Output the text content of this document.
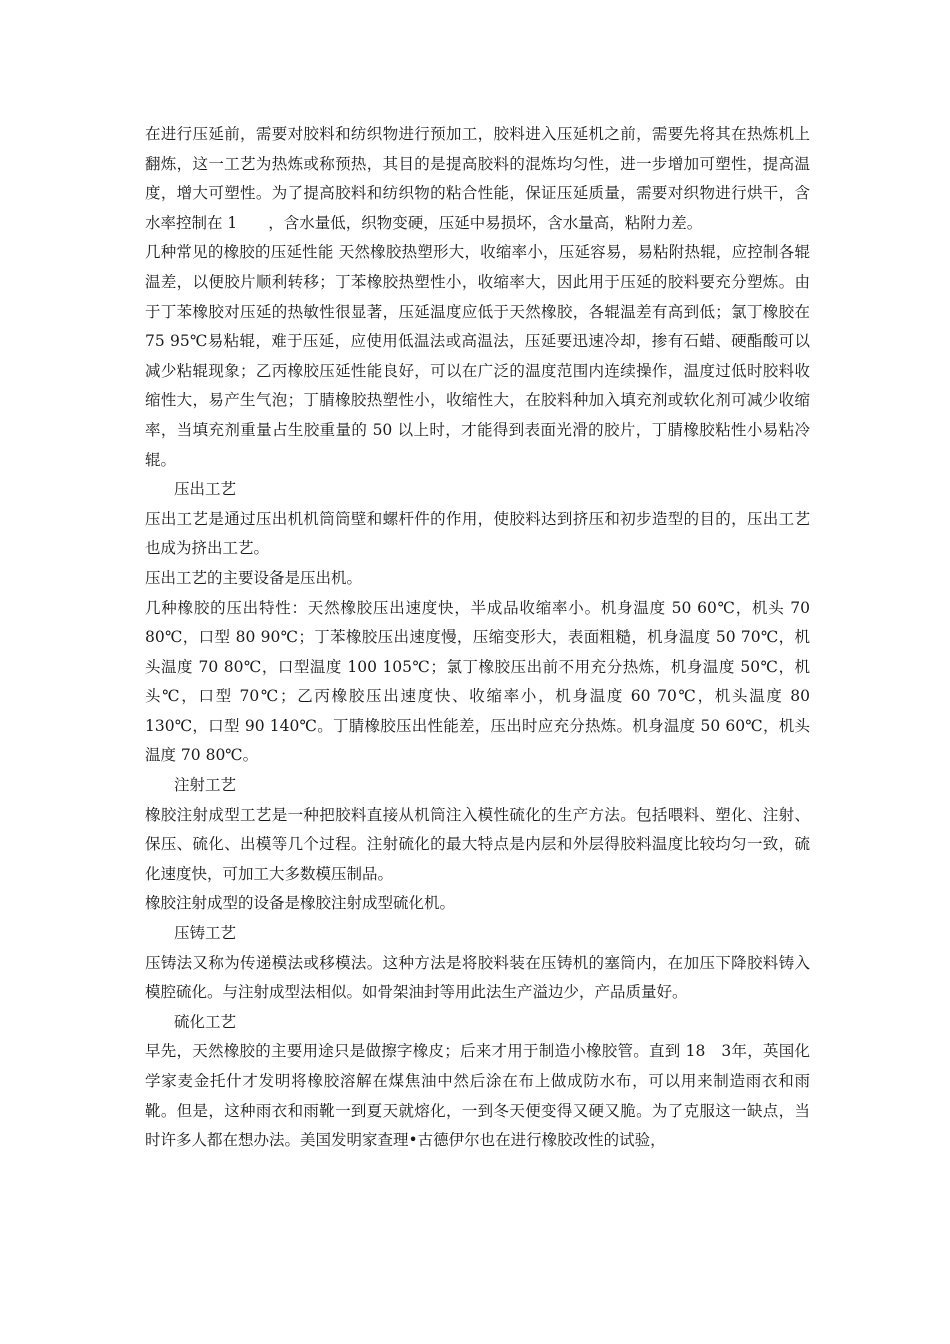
在进行压延前，需要对胶料和纺织物进行预加工，胶料进入压延机之前，需要先将其在热炼机上翻炼，这一工艺为热炼或称预热，其目的是提高胶料的混炼均匀性，进一步增加可塑性，提高温度，增大可塑性。为了提高胶料和纺织物的粘合性能，保证压延质量，需要对织物进行烘干，含水率控制在 1　　，含水量低，织物变硬，压延中易损坏，含水量高，粘附力差。

几种常见的橡胶的压延性能 天然橡胶热塑形大，收缩率小，压延容易，易粘附热辊，应控制各辊温差，以便胶片顺利转移；丁苯橡胶热塑性小，收缩率大，因此用于压延的胶料要充分塑炼。由于丁苯橡胶对压延的热敏性很显著，压延温度应低于天然橡胶，各辊温差有高到低；氯丁橡胶在 75 95℃易粘辊，难于压延，应使用低温法或高温法，压延要迅速冷却，掺有石蜡、硬酯酸可以减少粘辊现象；乙丙橡胶压延性能良好，可以在广泛的温度范围内连续操作，温度过低时胶料收缩性大，易产生气泡；丁腈橡胶热塑性小，收缩性大，在胶料种加入填充剂或软化剂可减少收缩率，当填充剂重量占生胶重量的 50 以上时，才能得到表面光滑的胶片，丁腈橡胶粘性小易粘冷辊。

压出工艺

压出工艺是通过压出机机筒筒壁和螺杆件的作用，使胶料达到挤压和初步造型的目的，压出工艺也成为挤出工艺。

压出工艺的主要设备是压出机。

几种橡胶的压出特性：天然橡胶压出速度快，半成品收缩率小。机身温度 50 60℃，机头 70 80℃，口型 80 90℃；丁苯橡胶压出速度慢，压缩变形大，表面粗糙，机身温度 50 70℃，机头温度 70 80℃，口型温度 100 105℃；氯丁橡胶压出前不用充分热炼，机身温度 50℃，机头℃，口型 70℃；乙丙橡胶压出速度快、收缩率小，机身温度 60 70℃，机头温度 80 130℃，口型 90 140℃。丁腈橡胶压出性能差，压出时应充分热炼。机身温度 50 60℃，机头温度 70 80℃。

注射工艺

橡胶注射成型工艺是一种把胶料直接从机筒注入模性硫化的生产方法。包括喂料、塑化、注射、保压、硫化、出模等几个过程。注射硫化的最大特点是内层和外层得胶料温度比较均匀一致，硫化速度快，可加工大多数模压制品。

橡胶注射成型的设备是橡胶注射成型硫化机。

压铸工艺

压铸法又称为传递模法或移模法。这种方法是将胶料装在压铸机的塞筒内，在加压下降胶料铸入模腔硫化。与注射成型法相似。如骨架油封等用此法生产溢边少，产品质量好。

硫化工艺

早先，天然橡胶的主要用途只是做擦字橡皮；后来才用于制造小橡胶管。直到 18　3年，英国化学家麦金托什才发明将橡胶溶解在煤焦油中然后涂在布上做成防水布，可以用来制造雨衣和雨靴。但是，这种雨衣和雨靴一到夏天就熔化，一到冬天便变得又硬又脆。为了克服这一缺点，当时许多人都在想办法。美国发明家查理•古德伊尔也在进行橡胶改性的试验，
